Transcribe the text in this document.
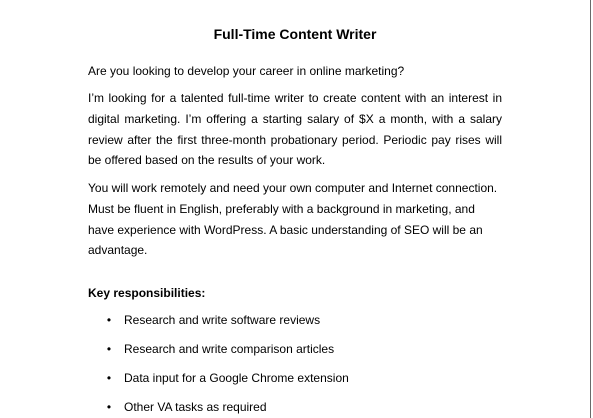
Full-Time Content Writer

Are you looking to develop your career in online marketing?

I’m looking for a talented full-time writer to create content with an interest in digital marketing. I’m offering a starting salary of $X a month, with a salary review after the first three-month probationary period. Periodic pay rises will be offered based on the results of your work.

You will work remotely and need your own computer and Internet connection. Must be fluent in English, preferably with a background in marketing, and have experience with WordPress. A basic understanding of SEO will be an advantage.

Key responsibilities:
• Research and write software reviews
• Research and write comparison articles
• Data input for a Google Chrome extension
• Other VA tasks as required
